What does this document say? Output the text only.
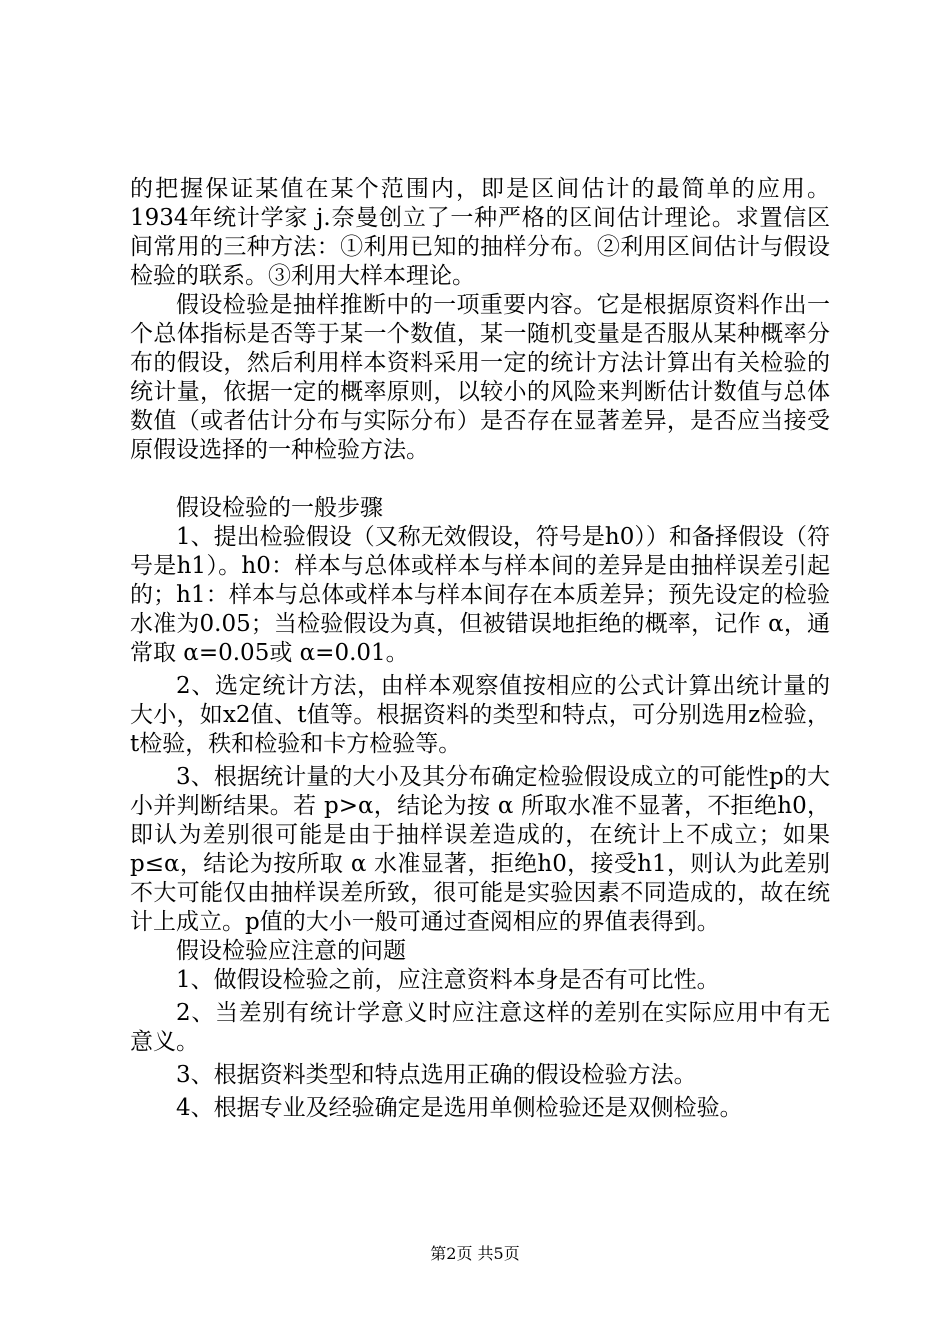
的把握保证某值在某个范围内，即是区间估计的最简单的应用。1934年统计学家 j.奈曼创立了一种严格的区间估计理论。求置信区间常用的三种方法：①利用已知的抽样分布。②利用区间估计与假设检验的联系。③利用大样本理论。

假设检验是抽样推断中的一项重要内容。它是根据原资料作出一个总体指标是否等于某一个数值，某一随机变量是否服从某种概率分布的假设，然后利用样本资料采用一定的统计方法计算出有关检验的统计量，依据一定的概率原则，以较小的风险来判断估计数值与总体数值（或者估计分布与实际分布）是否存在显著差异，是否应当接受原假设选择的一种检验方法。

假设检验的一般步骤

1、提出检验假设（又称无效假设，符号是h0））和备择假设（符号是h1）。h0：样本与总体或样本与样本间的差异是由抽样误差引起的；h1：样本与总体或样本与样本间存在本质差异；预先设定的检验水准为0.05；当检验假设为真，但被错误地拒绝的概率，记作 α，通常取 α=0.05或 α=0.01。

2、选定统计方法，由样本观察值按相应的公式计算出统计量的大小，如x2值、t值等。根据资料的类型和特点，可分别选用z检验，t检验，秩和检验和卡方检验等。

3、根据统计量的大小及其分布确定检验假设成立的可能性p的大小并判断结果。若 p>α，结论为按 α 所取水准不显著，不拒绝h0，即认为差别很可能是由于抽样误差造成的，在统计上不成立；如果p≤α，结论为按所取 α 水准显著，拒绝h0，接受h1，则认为此差别不大可能仅由抽样误差所致，很可能是实验因素不同造成的，故在统计上成立。p值的大小一般可通过查阅相应的界值表得到。

假设检验应注意的问题

1、做假设检验之前，应注意资料本身是否有可比性。

2、当差别有统计学意义时应注意这样的差别在实际应用中有无意义。

3、根据资料类型和特点选用正确的假设检验方法。

4、根据专业及经验确定是选用单侧检验还是双侧检验。

第2页 共5页
